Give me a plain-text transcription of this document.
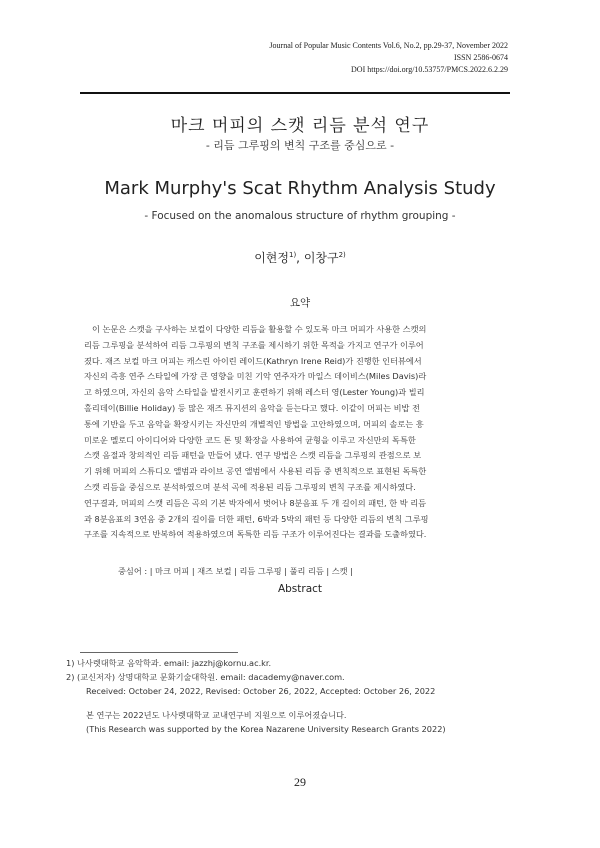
Journal of Popular Music Contents Vol.6, No.2, pp.29-37, November 2022
ISSN 2586-0674
DOI https://doi.org/10.53757/PMCS.2022.6.2.29
마크 머피의 스캣 리듬 분석 연구
- 리듬 그루핑의 변칙 구조를 중심으로 -
Mark Murphy's Scat Rhythm Analysis Study
- Focused on the anomalous structure of rhythm grouping -
이현정$^{1)}$, 이창구$^{2)}$
요약
이 논문은 스캣을 구사하는 보컬이 다양한 리듬을 활용할 수 있도록 마크 머피가 사용한 스캣의
리듬 그루핑을 분석하여 리듬 그루핑의 변칙 구조를 제시하기 위한 목적을 가지고 연구가 이루어
졌다. 재즈 보컬 마크 머피는 캐스린 아이린 레이드(Kathryn Irene Reid)가 진행한 인터뷰에서
자신의 즉흥 연주 스타일에 가장 큰 영향을 미친 기악 연주자가 마일스 데이비스(Miles Davis)라
고 하였으며, 자신의 음악 스타일을 발전시키고 훈련하기 위해 레스터 영(Lester Young)과 빌리
홀리데이(Billie Holiday) 등 많은 재즈 뮤지션의 음악을 듣는다고 했다. 이같이 머피는 비밥 전
통에 기반을 두고 음악을 확장시키는 자신만의 개별적인 방법을 고안하였으며, 머피의 솔로는 흥
미로운 멜로디 아이디어와 다양한 코드 톤 및 확장을 사용하여 균형을 이루고 자신만의 독특한
스캣 음절과 창의적인 리듬 패턴을 만들어 냈다. 연구 방법은 스캣 리듬을 그루핑의 관점으로 보
기 위해 머피의 스튜디오 앨범과 라이브 공연 앨범에서 사용된 리듬 중 변칙적으로 표현된 독특한
스캣 리듬을 중심으로 분석하였으며 분석 곡에 적용된 리듬 그루핑의 변칙 구조를 제시하였다.
연구결과, 머피의 스캣 리듬은 곡의 기본 박자에서 벗어나 8분음표 두 개 길이의 패턴, 한 박 리듬
과 8분음표의 3연음 중 2개의 길이를 더한 패턴, 6박과 5박의 패턴 등 다양한 리듬의 변칙 그루핑
구조를 지속적으로 반복하여 적용하였으며 독특한 리듬 구조가 이루어진다는 결과를 도출하였다.
중심어 : | 마크 머피 | 재즈 보컬 | 리듬 그루핑 | 풀리 리듬 | 스캣 |
Abstract
1) 나사렛대학교 음악학과. email: jazzhj@kornu.ac.kr.
2) (교신저자) 상명대학교 문화기술대학원. email: dacademy@naver.com.
Received: October 24, 2022, Revised: October 26, 2022, Accepted: October 26, 2022
본 연구는 2022년도 나사렛대학교 교내연구비 지원으로 이루어졌습니다.
(This Research was supported by the Korea Nazarene University Research Grants 2022)
29
